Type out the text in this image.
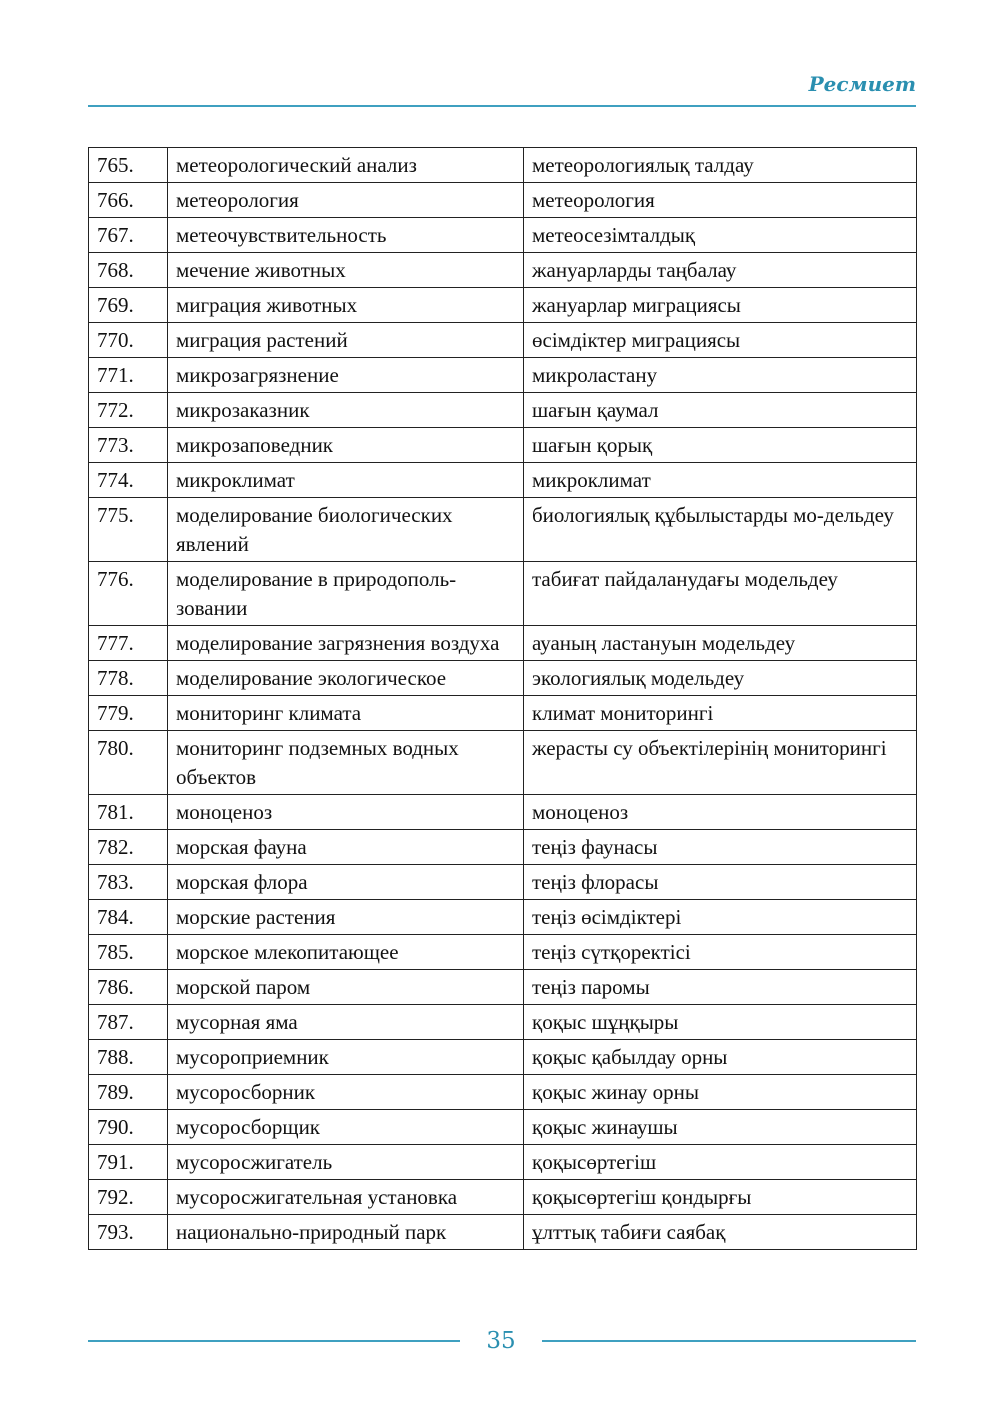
Ресмиет
765.	метеорологический анализ	метеорологиялық талдау
766.	метеорология	метеорология
767.	метеочувствительность	метеосезімталдық
768.	мечение животных	жануарларды таңбалау
769.	миграция животных	жануарлар миграциясы
770.	миграция растений	өсімдіктер миграциясы
771.	микрозагрязнение	микроластану
772.	микрозаказник	шағын қаумал
773.	микрозаповедник	шағын қорық
774.	микроклимат	микроклимат
775.	моделирование биологических явлений	биологиялық құбылыстарды мо-дельдеу
776.	моделирование в природополь-зовании	табиғат пайдаланудағы модельдеу
777.	моделирование загрязнения воздуха	ауаның ластануын модельдеу
778.	моделирование экологическое	экологиялық модельдеу
779.	мониторинг климата	климат мониторингі
780.	мониторинг подземных водных объектов	жерасты су объектілерінің мониторингі
781.	моноценоз	моноценоз
782.	морская фауна	теңіз фаунасы
783.	морская флора	теңіз флорасы
784.	морские растения	теңіз өсімдіктері
785.	морское млекопитающее	теңіз сүтқоректісі
786.	морской паром	теңіз паромы
787.	мусорная яма	қоқыс шұңқыры
788.	мусороприемник	қоқыс қабылдау орны
789.	мусоросборник	қоқыс жинау орны
790.	мусоросборщик	қоқыс жинаушы
791.	мусоросжигатель	қоқысөртегіш
792.	мусоросжигательная установка	қоқысөртегіш қондырғы
793.	национально-природный парк	ұлттық табиғи саябақ
35
